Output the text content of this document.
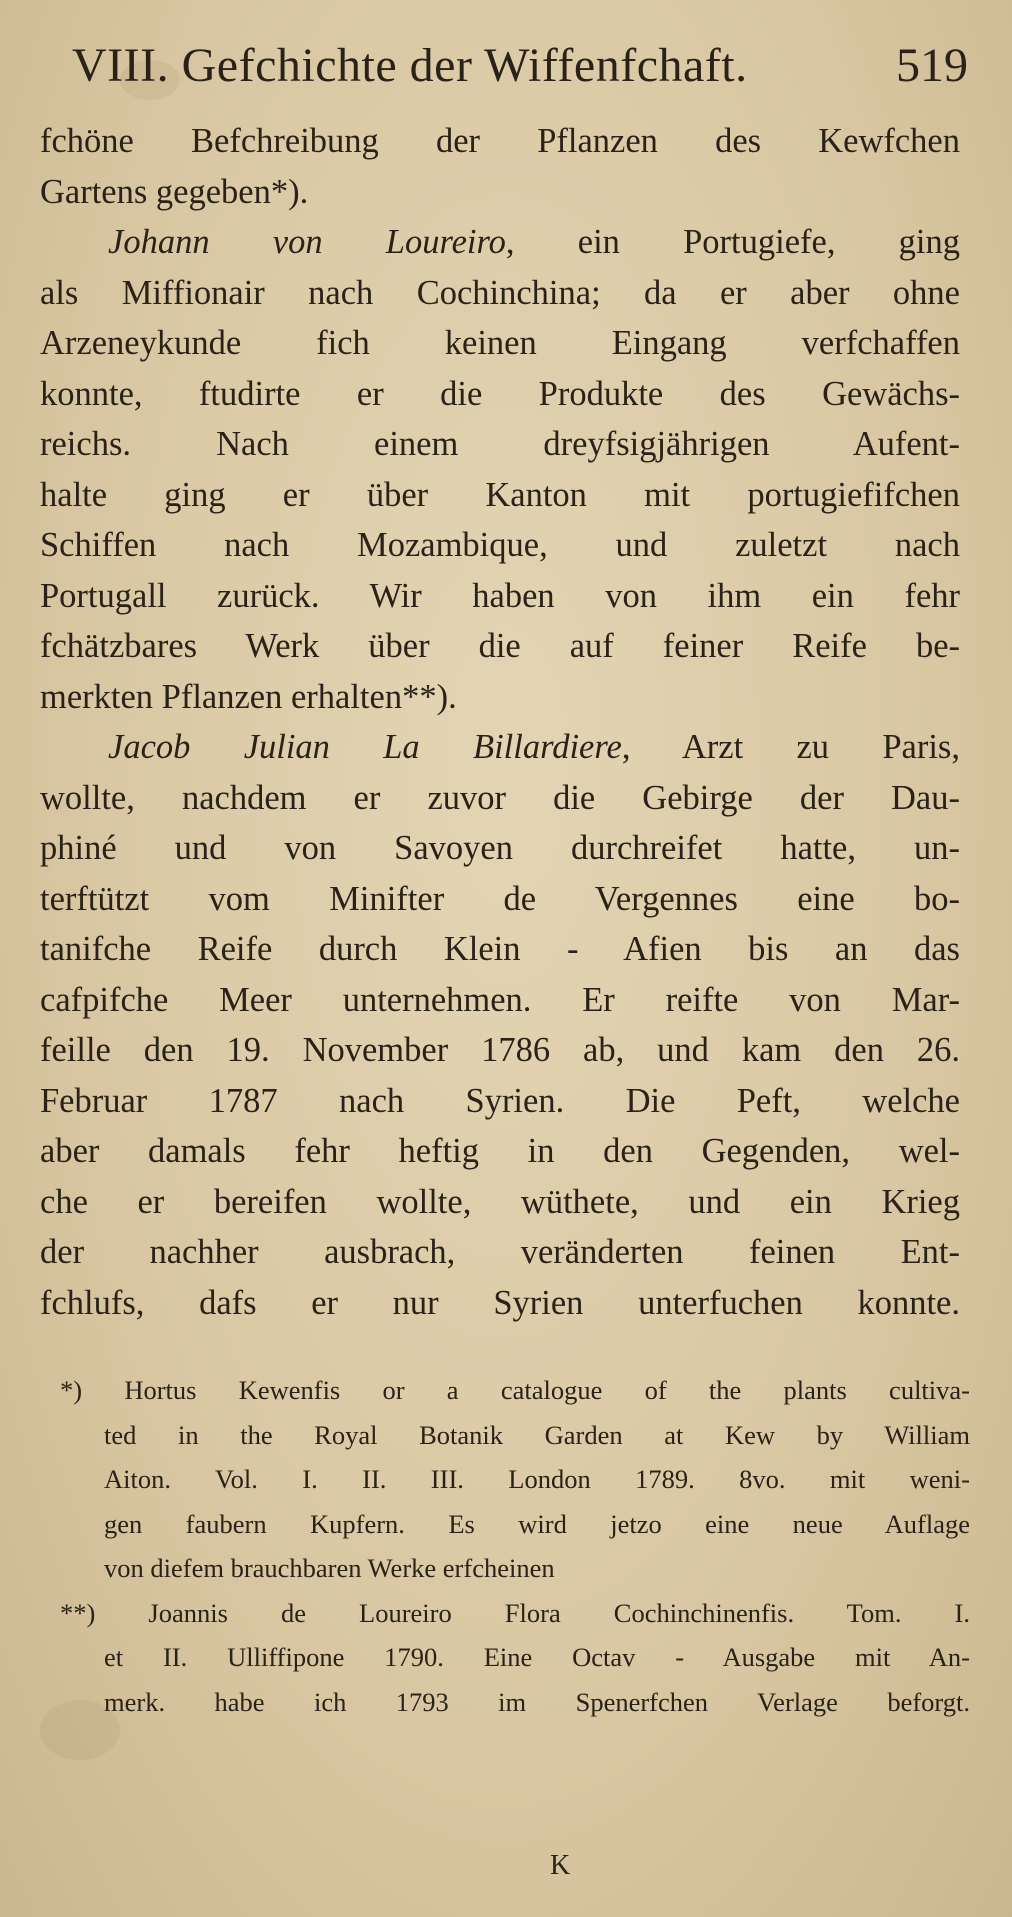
VIII. Gefchichte der Wiffenfchaft.	519
fchöne Befchreibung der Pflanzen des Kewfchen
Gartens gegeben*).
Johann von Loureiro, ein Portugiefe, ging
als Miffionair nach Cochinchina; da er aber ohne
Arzeneykunde fich keinen Eingang verfchaffen
konnte, ftudirte er die Produkte des Gewächs-
reichs. Nach einem dreyfsigjährigen Aufent-
halte ging er über Kanton mit portugiefifchen
Schiffen nach Mozambique, und zuletzt nach
Portugall zurück. Wir haben von ihm ein fehr
fchätzbares Werk über die auf feiner Reife be-
merkten Pflanzen erhalten**).
Jacob Julian La Billardiere, Arzt zu Paris,
wollte, nachdem er zuvor die Gebirge der Dau-
phiné und von Savoyen durchreifet hatte, un-
terftützt vom Minifter de Vergennes eine bo-
tanifche Reife durch Klein - Afien bis an das
cafpifche Meer unternehmen. Er reifte von Mar-
feille den 19. November 1786 ab, und kam den 26.
Februar 1787 nach Syrien. Die Peft, welche
aber damals fehr heftig in den Gegenden, wel-
che er bereifen wollte, wüthete, und ein Krieg
der nachher ausbrach, veränderten feinen Ent-
fchlufs, dafs er nur Syrien unterfuchen konnte.
*) Hortus Kewenfis or a catalogue of the plants cultiva-
ted in the Royal Botanik Garden at Kew by William
Aiton. Vol. I. II. III. London 1789. 8vo. mit weni-
gen faubern Kupfern. Es wird jetzo eine neue Auflage
von diefem brauchbaren Werke erfcheinen
**) Joannis de Loureiro Flora Cochinchinenfis. Tom. I.
et II. Ulliffipone 1790. Eine Octav - Ausgabe mit An-
merk. habe ich 1793 im Spenerfchen Verlage beforgt.
K
